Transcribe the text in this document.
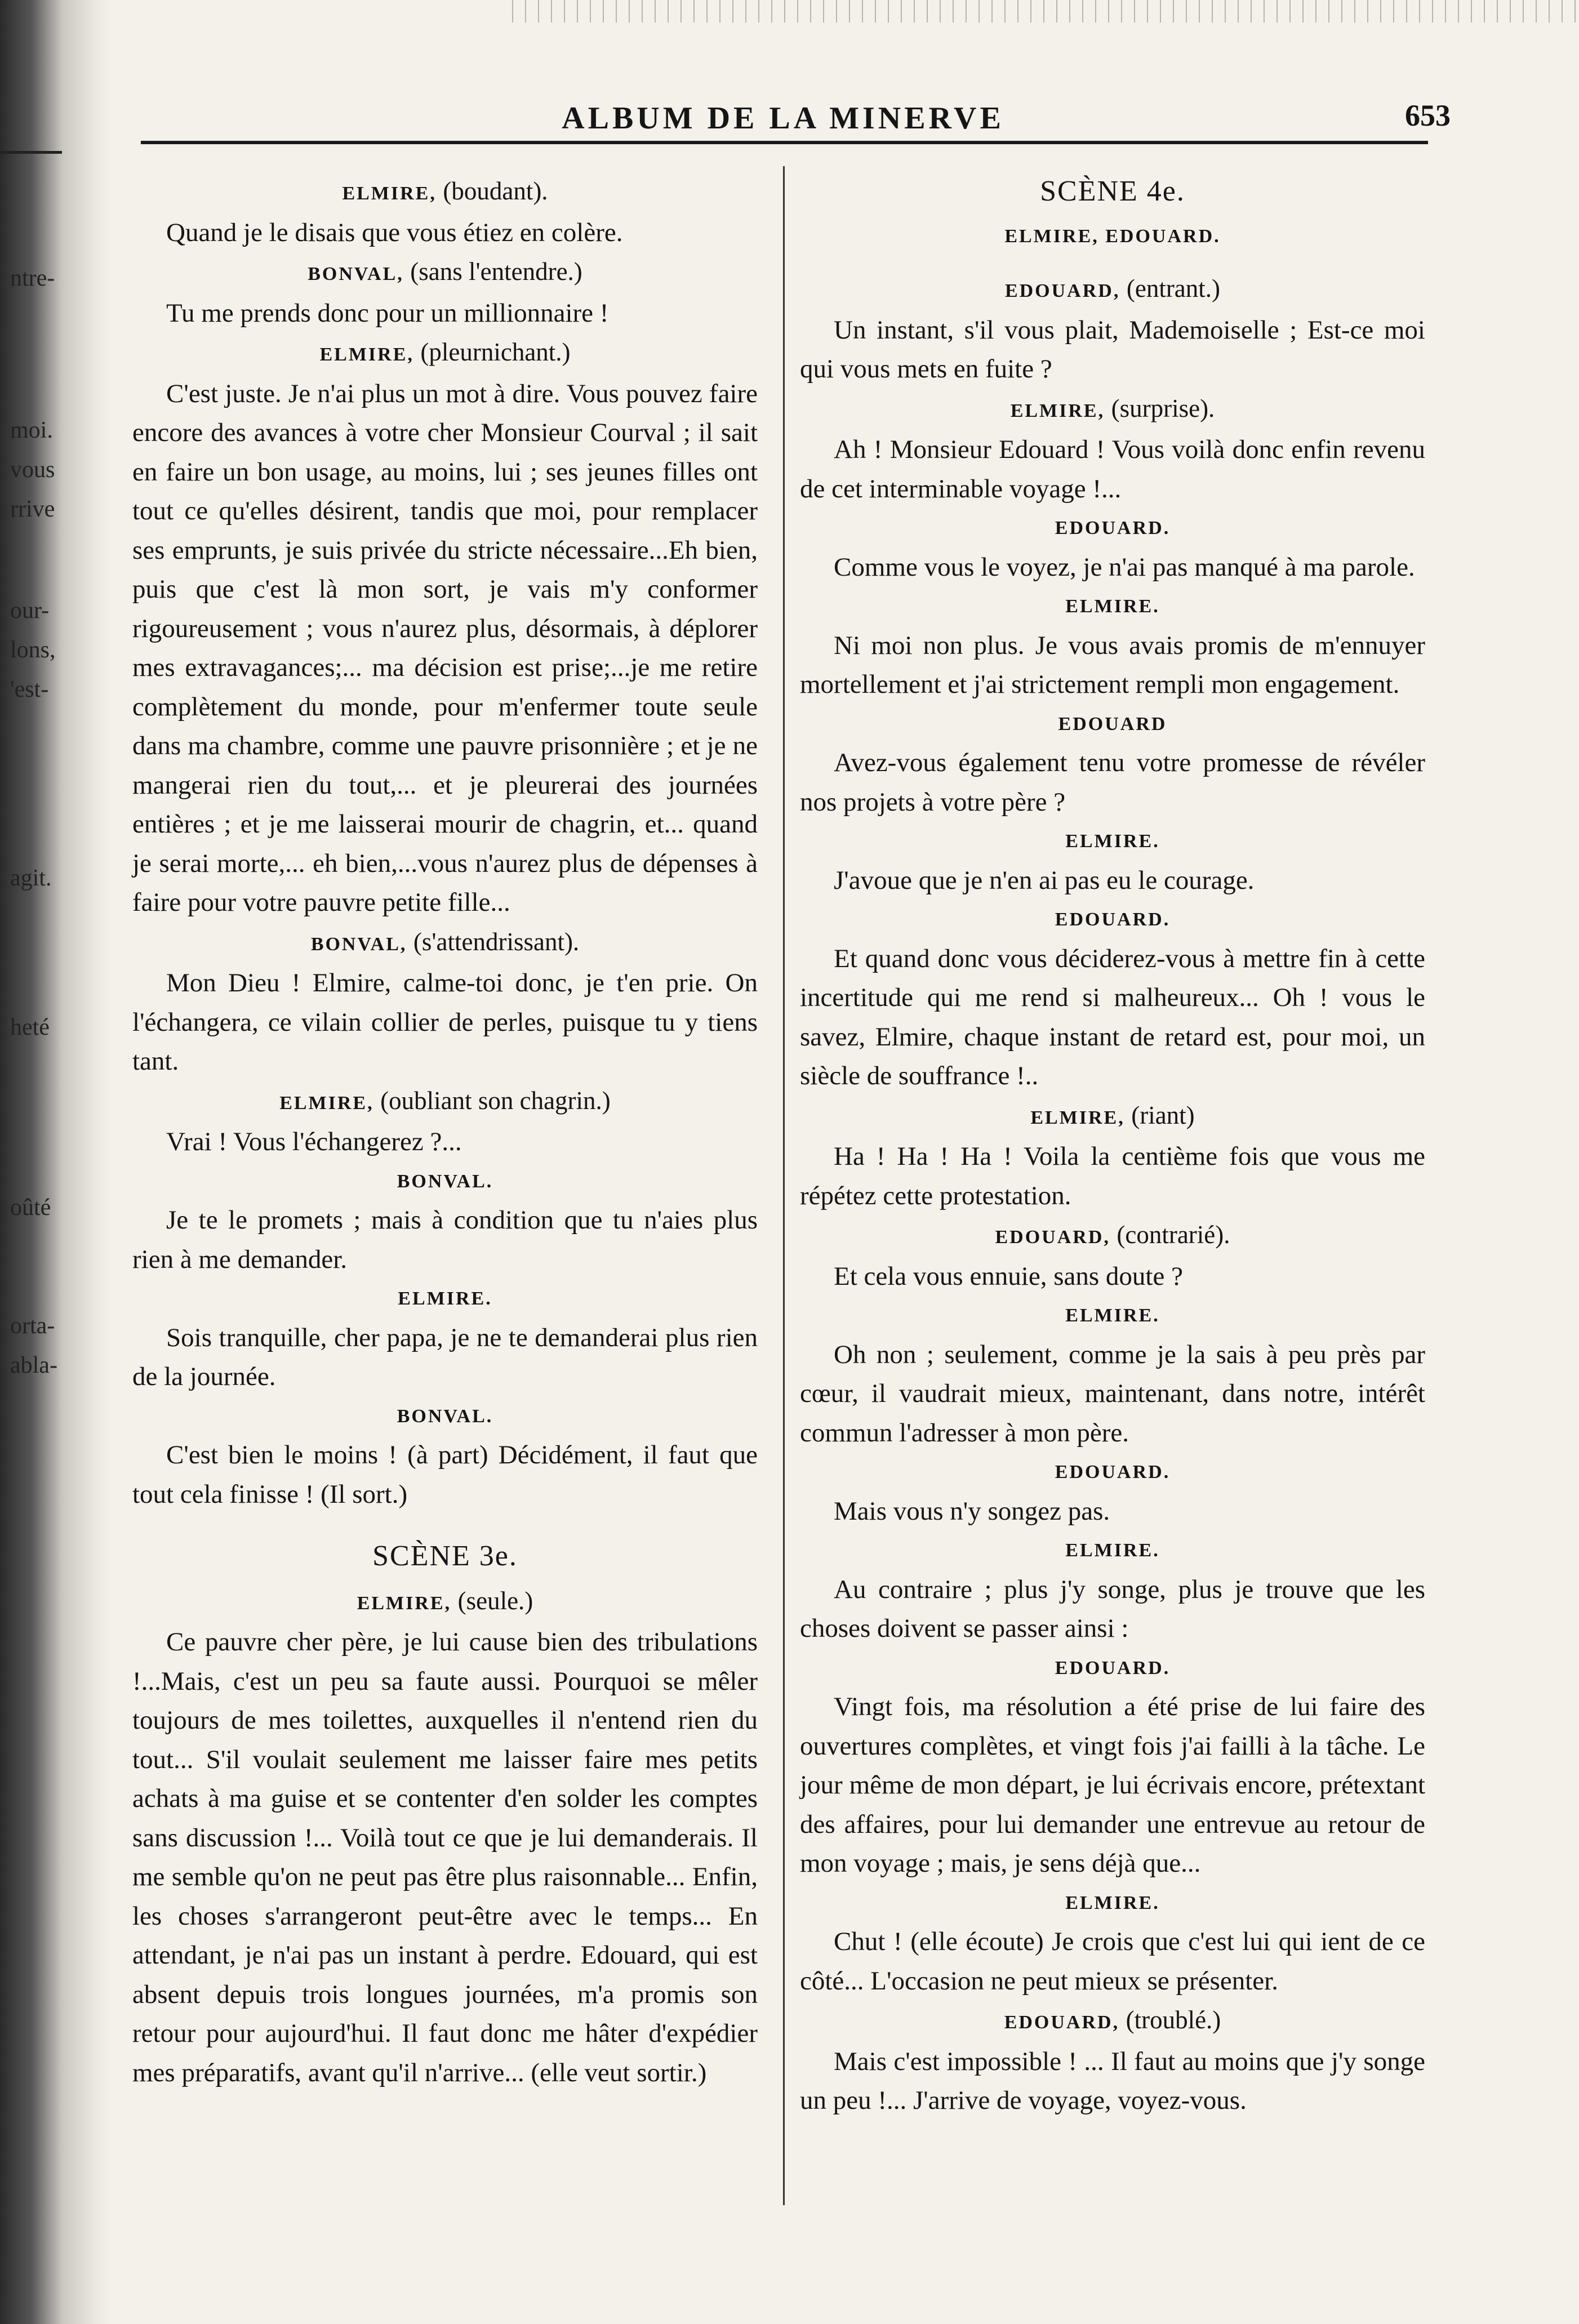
ntre-
moi.
vous
rrive
our-
lons,
'est-
agit.
heté
oûté
orta-
abla-
ALBUM DE LA MINERVE	653
ELMIRE, (boudant).

Quand je le disais que vous étiez en colère.

BONVAL, (sans l'entendre.)

Tu me prends donc pour un millionnaire !

ELMIRE, (pleurnichant.)

C'est juste. Je n'ai plus un mot à dire. Vous pouvez faire encore des avances à votre cher Monsieur Courval ; il sait en faire un bon usage, au moins, lui ; ses jeunes filles ont tout ce qu'elles désirent, tandis que moi, pour remplacer ses emprunts, je suis privée du stricte nécessaire...Eh bien, puis que c'est là mon sort, je vais m'y conformer rigoureusement ; vous n'aurez plus, désormais, à déplorer mes extravagances;... ma décision est prise;...je me retire complètement du monde, pour m'enfermer toute seule dans ma chambre, comme une pauvre prisonnière ; et je ne mangerai rien du tout,... et je pleurerai des journées entières ; et je me laisserai mourir de chagrin, et... quand je serai morte,... eh bien,...vous n'aurez plus de dépenses à faire pour votre pauvre petite fille...

BONVAL, (s'attendrissant).

Mon Dieu ! Elmire, calme-toi donc, je t'en prie. On l'échangera, ce vilain collier de perles, puisque tu y tiens tant.

ELMIRE, (oubliant son chagrin.)

Vrai ! Vous l'échangerez ?...

BONVAL.

Je te le promets ; mais à condition que tu n'aies plus rien à me demander.

ELMIRE.

Sois tranquille, cher papa, je ne te demanderai plus rien de la journée.

BONVAL.

C'est bien le moins ! (à part) Décidément, il faut que tout cela finisse ! (Il sort.)

SCÈNE 3e.
ELMIRE, (seule.)

Ce pauvre cher père, je lui cause bien des tribulations !...Mais, c'est un peu sa faute aussi. Pourquoi se mêler toujours de mes toilettes, auxquelles il n'entend rien du tout... S'il voulait seulement me laisser faire mes petits achats à ma guise et se contenter d'en solder les comptes sans discussion !... Voilà tout ce que je lui demanderais. Il me semble qu'on ne peut pas être plus raisonnable... Enfin, les choses s'arrangeront peut-être avec le temps... En attendant, je n'ai pas un instant à perdre. Edouard, qui est absent depuis trois longues journées, m'a promis son retour pour aujourd'hui. Il faut donc me hâter d'expédier mes préparatifs, avant qu'il n'arrive... (elle veut sortir.)

SCÈNE 4e.
ELMIRE, EDOUARD.
EDOUARD, (entrant.)

Un instant, s'il vous plait, Mademoiselle ; Est-ce moi qui vous mets en fuite ?

ELMIRE, (surprise).

Ah ! Monsieur Edouard ! Vous voilà donc enfin revenu de cet interminable voyage !...

EDOUARD.

Comme vous le voyez, je n'ai pas manqué à ma parole.

ELMIRE.

Ni moi non plus. Je vous avais promis de m'ennuyer mortellement et j'ai strictement rempli mon engagement.

EDOUARD

Avez-vous également tenu votre promesse de révéler nos projets à votre père ?

ELMIRE.

J'avoue que je n'en ai pas eu le courage.

EDOUARD.

Et quand donc vous déciderez-vous à mettre fin à cette incertitude qui me rend si malheureux... Oh ! vous le savez, Elmire, chaque instant de retard est, pour moi, un siècle de souffrance !..

ELMIRE, (riant)

Ha ! Ha ! Ha ! Voila la centième fois que vous me répétez cette protestation.

EDOUARD, (contrarié).

Et cela vous ennuie, sans doute ?

ELMIRE.

Oh non ; seulement, comme je la sais à peu près par cœur, il vaudrait mieux, maintenant, dans notre, intérêt commun l'adresser à mon père.

EDOUARD.

Mais vous n'y songez pas.

ELMIRE.

Au contraire ; plus j'y songe, plus je trouve que les choses doivent se passer ainsi :

EDOUARD.

Vingt fois, ma résolution a été prise de lui faire des ouvertures complètes, et vingt fois j'ai failli à la tâche. Le jour même de mon départ, je lui écrivais encore, prétextant des affaires, pour lui demander une entrevue au retour de mon voyage ; mais, je sens déjà que...

ELMIRE.

Chut ! (elle écoute) Je crois que c'est lui qui ient de ce côté... L'occasion ne peut mieux se présenter.

EDOUARD, (troublé.)

Mais c'est impossible ! ... Il faut au moins que j'y songe un peu !... J'arrive de voyage, voyez-vous.
